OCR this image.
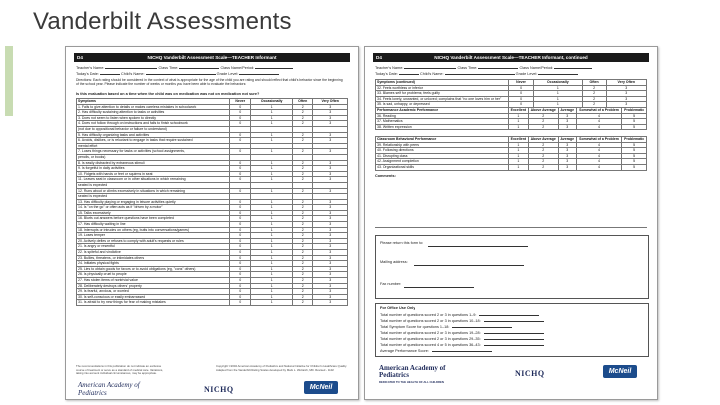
Vanderbilt Assessments
D4	NICHQ Vanderbilt Assessment Scale—TEACHER Informant
Teacher's Name:	Class Time:	Class Name/Period:
Today's Date:	Child's Name:	Grade Level:
Directions: Each rating should be considered in the context of what is appropriate for the age of the child you are rating and should reflect that child's behavior since the beginning of the school year. Please indicate the number of weeks or months you have been able to evaluate the behaviors:
Is this evaluation based on a time when the child was on medication was not on medication not sure?
Symptoms	Never	Occasionally	Often	Very Often
1. Fails to give attention to details or makes careless mistakes in schoolwork	0	1	2	3
2. Has difficulty sustaining attention to tasks or activities	0	1	2	3
3. Does not seem to listen when spoken to directly	0	1	2	3
4. Does not follow through on instructions and fails to finish schoolwork	0	1	2	3
(not due to oppositional behavior or failure to understand)				
5. Has difficulty organizing tasks and activities	0	1	2	3
6. Avoids, dislikes, or is reluctant to engage in tasks that require sustained	0	1	2	3
mental effort				
7. Loses things necessary for tasks or activities (school assignments,	0	1	2	3
pencils, or books)				
8. Is easily distracted by extraneous stimuli	0	1	2	3
9. Is forgetful in daily activities	0	1	2	3
10. Fidgets with hands or feet or squirms in seat	0	1	2	3
11. Leaves seat in classroom or in other situations in which remaining	0	1	2	3
seated is expected				
12. Runs about or climbs excessively in situations in which remaining	0	1	2	3
seated is expected				
13. Has difficulty playing or engaging in leisure activities quietly	0	1	2	3
14. Is "on the go" or often acts as if "driven by a motor"	0	1	2	3
15. Talks excessively	0	1	2	3
16. Blurts out answers before questions have been completed	0	1	2	3
17. Has difficulty waiting in line	0	1	2	3
18. Interrupts or intrudes on others (eg, butts into conversations/games)	0	1	2	3
19. Loses temper	0	1	2	3
20. Actively defies or refuses to comply with adult's requests or rules	0	1	2	3
21. Is angry or resentful	0	1	2	3
22. Is spiteful and vindictive	0	1	2	3
23. Bullies, threatens, or intimidates others	0	1	2	3
24. Initiates physical fights	0	1	2	3
25. Lies to obtain goods for favors or to avoid obligations (eg, "cons" others)	0	1	2	3
26. Is physically cruel to people	0	1	2	3
27. Has stolen items of nontrivial value	0	1	2	3
28. Deliberately destroys others' property	0	1	2	3
29. Is fearful, anxious, or worried	0	1	2	3
30. Is self-conscious or easily embarrassed	0	1	2	3
31. Is afraid to try new things for fear of making mistakes	0	1	2	3
The recommendations in this publication do not indicate an exclusive course of treatment or serve as a standard of medical care. Variations, taking into account individual circumstances, may be appropriate.
Copyright ©2002 American Academy of Pediatrics and National Initiative for Children's Healthcare Quality. Adapted from the Vanderbilt Rating Scales developed by Mark L. Wolraich, MD. Revised - 1102
American Academy of Pediatrics	NICHQ	McNeil
D4	NICHQ Vanderbilt Assessment Scale—TEACHER Informant, continued
Teacher's Name:	Class Time:	Class Name/Period:
Today's Date:	Child's Name:	Grade Level:
Symptoms (continued)	Never	Occasionally	Often	Very Often
32. Feels worthless or inferior	0	1	2	3
33. Blames self for problems; feels guilty	0	1	2	3
34. Feels lonely, unwanted, or unloved; complains that "no one loves him or her"	0	1	2	3
35. Is sad, unhappy, or depressed	0	1	2	3
Performance Academic Performance	Excellent	Above Average	Average	Somewhat of a Problem	Problematic
36. Reading	1	2	3	4	5
37. Mathematics	1	2	3	4	5
38. Written expression	1	2	3	4	5
Classroom Behavioral Performance	Excellent	Above Average	Average	Somewhat of a Problem	Problematic
39. Relationship with peers	1	2	3	4	5
40. Following directions	1	2	3	4	5
41. Disrupting class	1	2	3	4	5
42. Assignment completion	1	2	3	4	5
43. Organizational skills	1	2	3	4	5
Comments:
Please return this form to:
Mailing address:
Fax number:
For Office Use Only
Total number of questions scored 2 or 3 in questions 1–9:
Total number of questions scored 2 or 3 in questions 10–18:
Total Symptom Score for questions 1–18:
Total number of questions scored 2 or 3 in questions 19–28:
Total number of questions scored 2 or 3 in questions 29–35:
Total number of questions scored 4 or 5 in questions 36–43:
Average Performance Score:
American Academy of Pediatrics
DEDICATED TO THE HEALTH OF ALL CHILDREN
NICHQ	McNeil
